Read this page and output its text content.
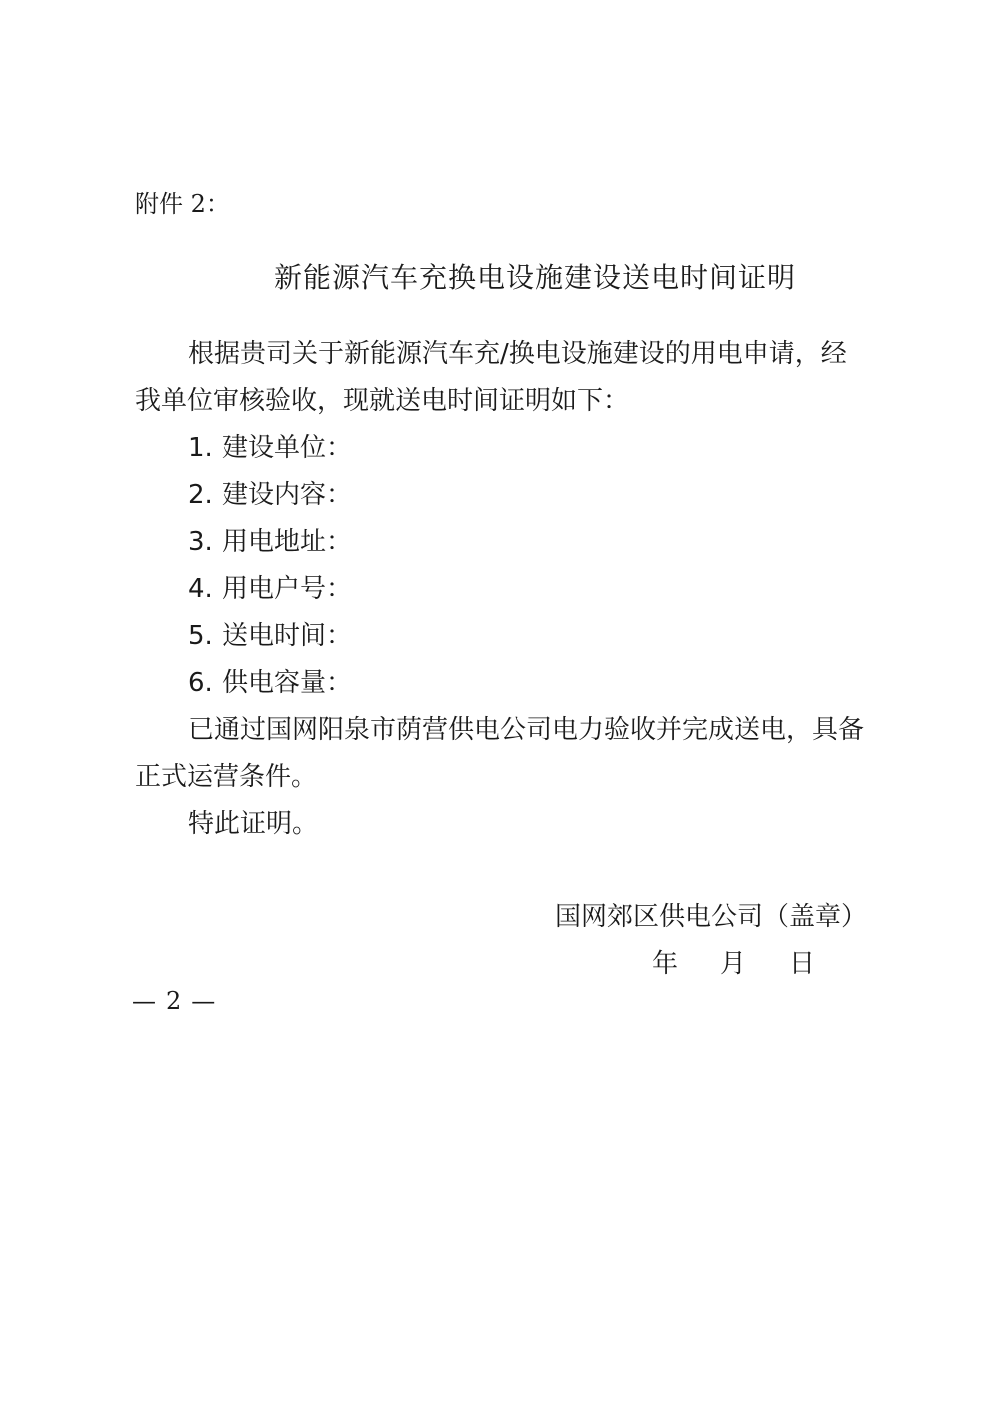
附件 2：
新能源汽车充换电设施建设送电时间证明
根据贵司关于新能源汽车充/换电设施建设的用电申请，经
我单位审核验收，现就送电时间证明如下：
1. 建设单位：
2. 建设内容：
3. 用电地址：
4. 用电户号：
5. 送电时间：
6. 供电容量：
已通过国网阳泉市荫营供电公司电力验收并完成送电，具备
正式运营条件。
特此证明。
国网郊区供电公司（盖章）
年 月 日
— 2 —
